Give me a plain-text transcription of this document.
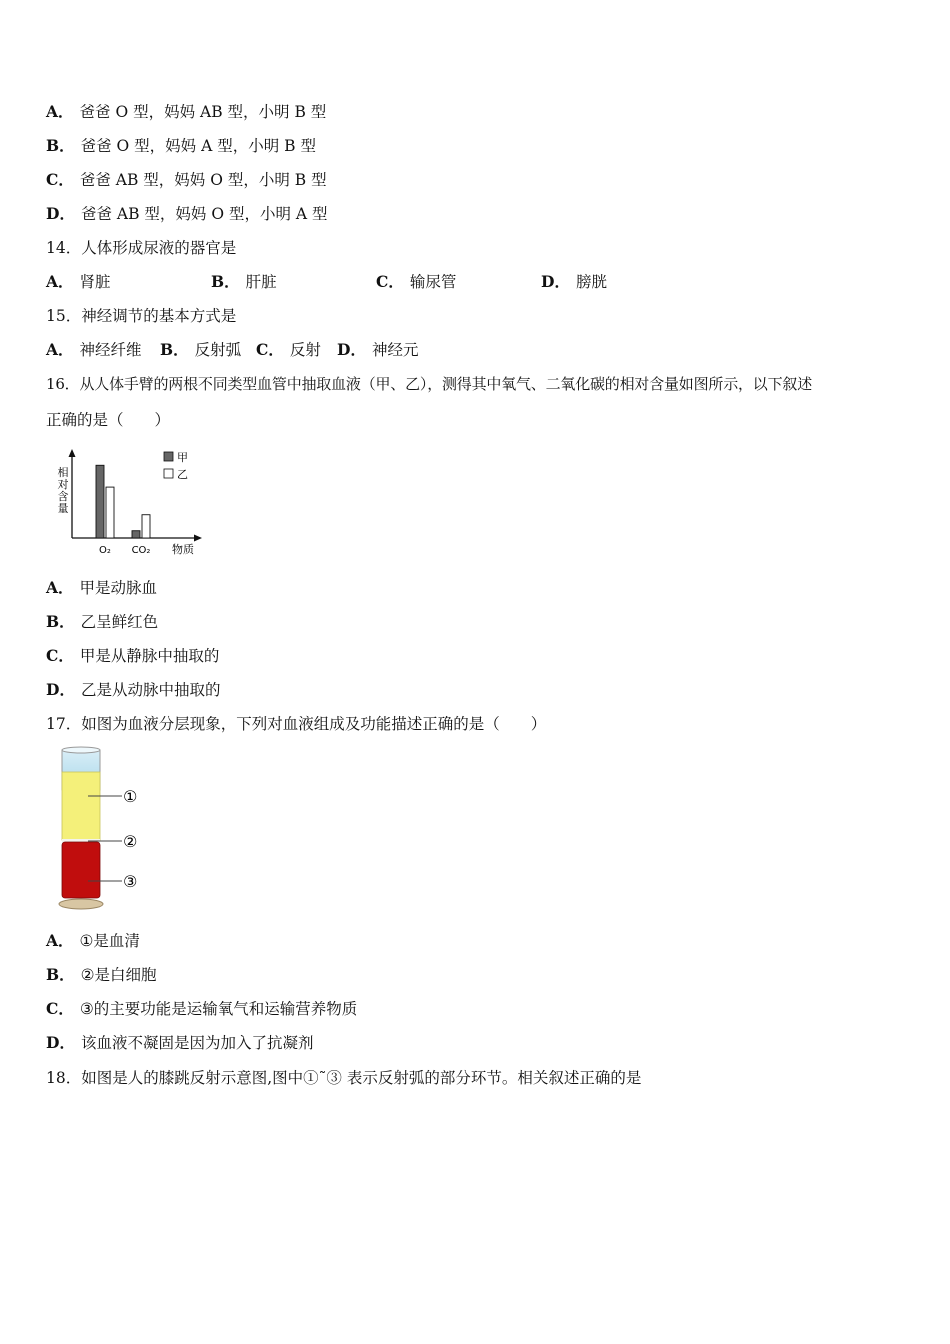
A． 爸爸 O 型，妈妈 AB 型，小明 B 型
B． 爸爸 O 型，妈妈 A 型，小明 B 型
C． 爸爸 AB 型，妈妈 O 型，小明 B 型
D． 爸爸 AB 型，妈妈 O 型，小明 A 型
14．人体形成尿液的器官是
A． 肾脏	B． 肝脏	C． 输尿管	D． 膀胱
15．神经调节的基本方式是
A． 神经纤维 B． 反射弧 C． 反射 D． 神经元
16．从人体手臂的两根不同类型血管中抽取血液（甲、乙），测得其中氧气、二氧化碳的相对含量如图所示，以下叙述
正确的是（　　）
相
对
含
量
O₂ CO₂ 物质
甲
乙
A． 甲是动脉血
B． 乙呈鲜红色
C． 甲是从静脉中抽取的
D． 乙是从动脉中抽取的
17．如图为血液分层现象，下列对血液组成及功能描述正确的是（　　）
①
②
③
A． ①是血清
B． ②是白细胞
C． ③的主要功能是运输氧气和运输营养物质
D． 该血液不凝固是因为加入了抗凝剂
18．如图是人的膝跳反射示意图,图中①˜③ 表示反射弧的部分环节。相关叙述正确的是
